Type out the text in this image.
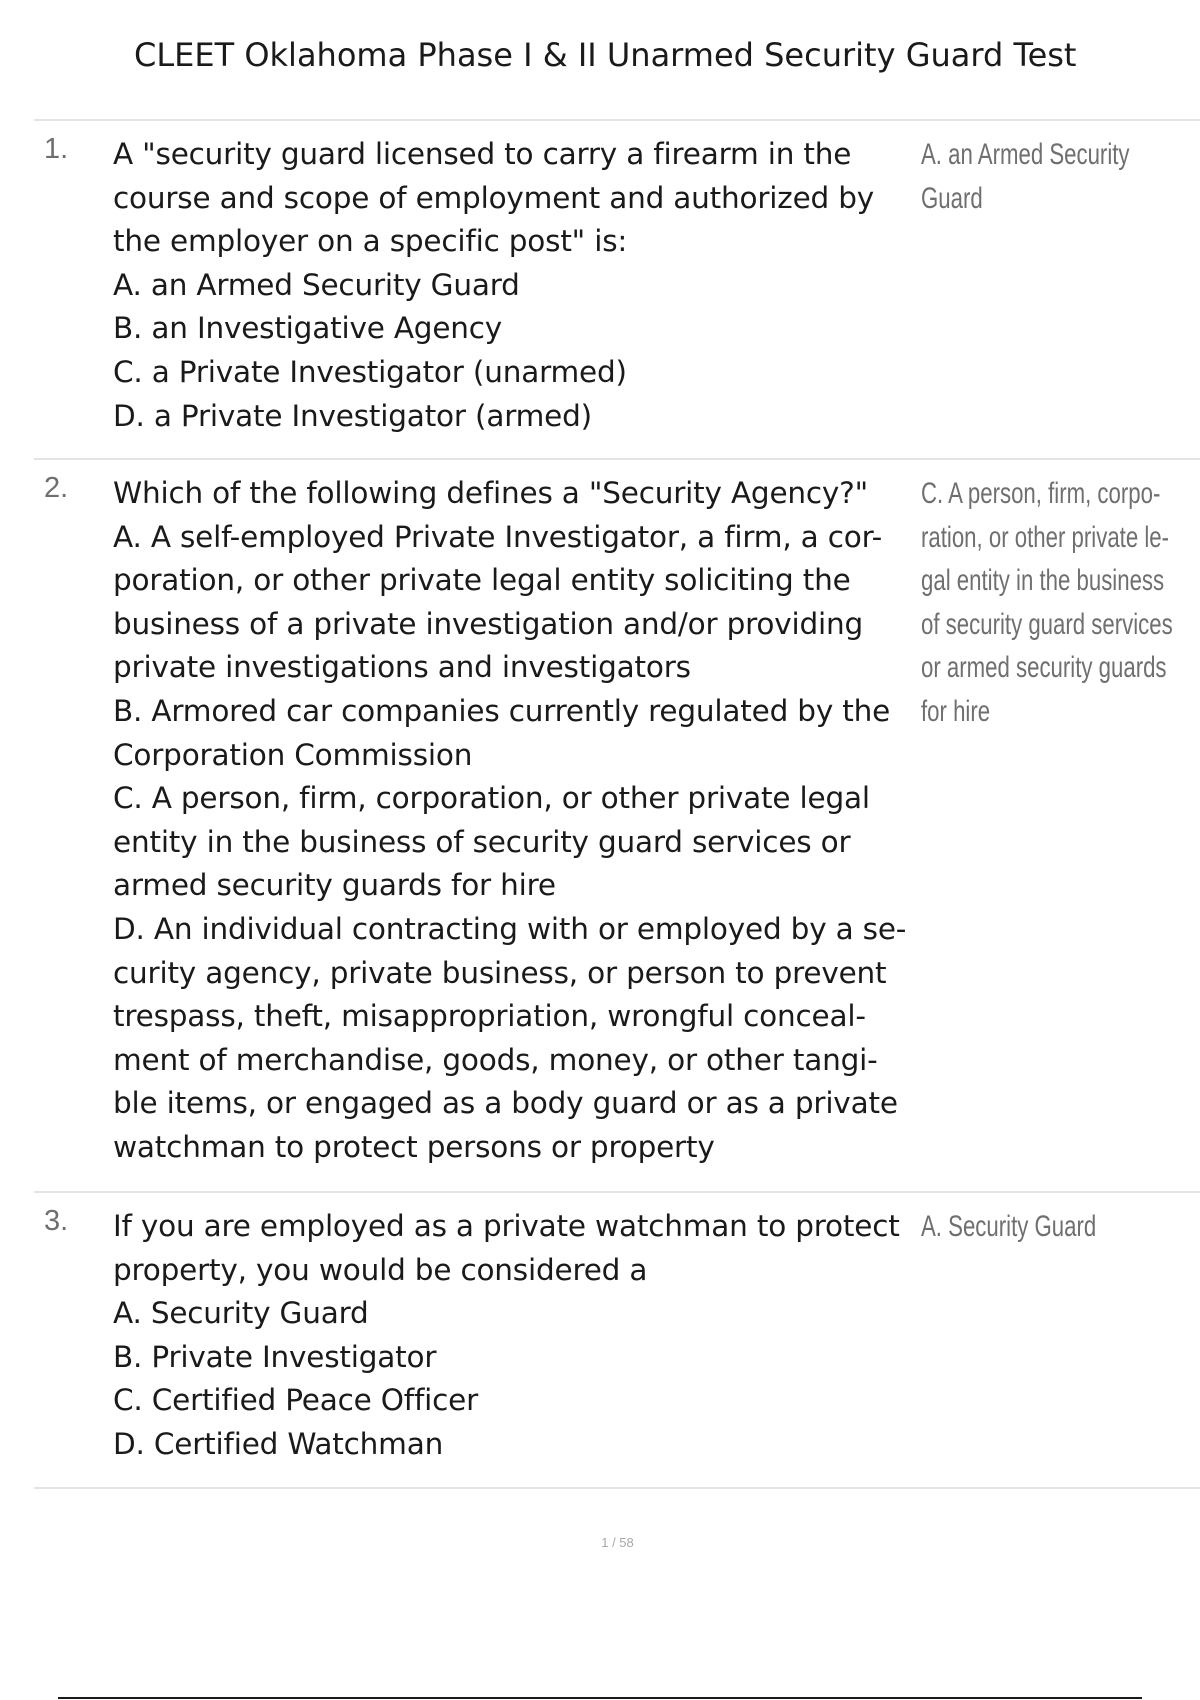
CLEET Oklahoma Phase I & II Unarmed Security Guard Test
1. A "security guard licensed to carry a firearm in the
course and scope of employment and authorized by
the employer on a specific post" is:
A. an Armed Security Guard
B. an Investigative Agency
C. a Private Investigator (unarmed)
D. a Private Investigator (armed)
A. an Armed Security
Guard
2. Which of the following defines a "Security Agency?"
A. A self-employed Private Investigator, a firm, a cor-
poration, or other private legal entity soliciting the
business of a private investigation and/or providing
private investigations and investigators
B. Armored car companies currently regulated by the
Corporation Commission
C. A person, firm, corporation, or other private legal
entity in the business of security guard services or
armed security guards for hire
D. An individual contracting with or employed by a se-
curity agency, private business, or person to prevent
trespass, theft, misappropriation, wrongful conceal-
ment of merchandise, goods, money, or other tangi-
ble items, or engaged as a body guard or as a private
watchman to protect persons or property
C. A person, firm, corpo-
ration, or other private le-
gal entity in the business
of security guard services
or armed security guards
for hire
3. If you are employed as a private watchman to protect
property, you would be considered a
A. Security Guard
B. Private Investigator
C. Certified Peace Officer
D. Certified Watchman
A. Security Guard
1 / 58
